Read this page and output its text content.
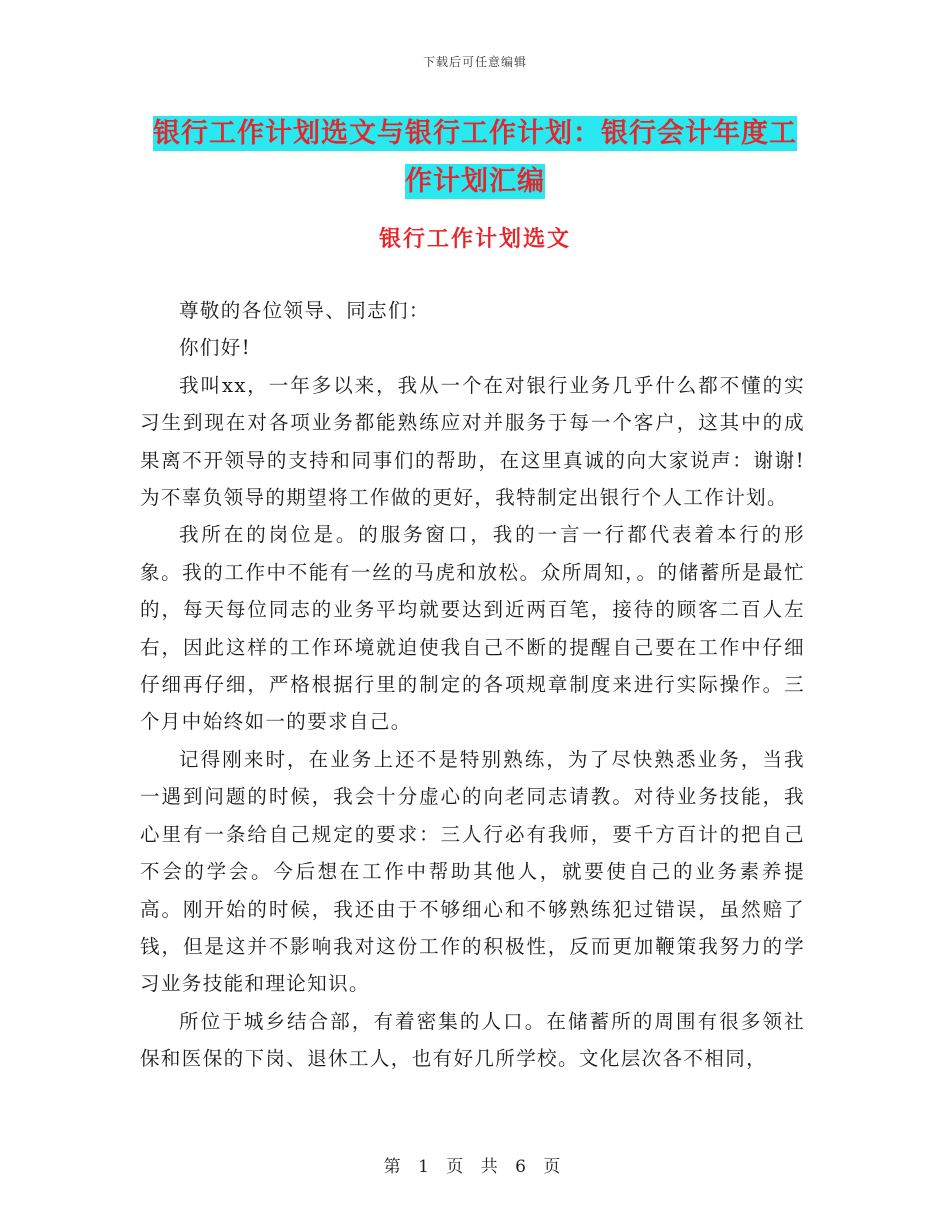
下载后可任意编辑
银行工作计划选文与银行工作计划：银行会计年度工
作计划汇编
银行工作计划选文

尊敬的各位领导、同志们：

你们好!

我叫xx，一年多以来，我从一个在对银行业务几乎什么都不懂的实习生到现在对各项业务都能熟练应对并服务于每一个客户，这其中的成果离不开领导的支持和同事们的帮助，在这里真诚的向大家说声：谢谢!为不辜负领导的期望将工作做的更好，我特制定出银行个人工作计划。

我所在的岗位是。的服务窗口，我的一言一行都代表着本行的形象。我的工作中不能有一丝的马虎和放松。众所周知，。的储蓄所是最忙的，每天每位同志的业务平均就要达到近两百笔，接待的顾客二百人左右，因此这样的工作环境就迫使我自己不断的提醒自己要在工作中仔细仔细再仔细，严格根据行里的制定的各项规章制度来进行实际操作。三个月中始终如一的要求自己。

记得刚来时，在业务上还不是特别熟练，为了尽快熟悉业务，当我一遇到问题的时候，我会十分虚心的向老同志请教。对待业务技能，我心里有一条给自己规定的要求：三人行必有我师，要千方百计的把自己不会的学会。今后想在工作中帮助其他人，就要使自己的业务素养提高。刚开始的时候，我还由于不够细心和不够熟练犯过错误，虽然赔了钱，但是这并不影响我对这份工作的积极性，反而更加鞭策我努力的学习业务技能和理论知识。

所位于城乡结合部，有着密集的人口。在储蓄所的周围有很多领社保和医保的下岗、退休工人，也有好几所学校。文化层次各不相同，

第 1 页 共 6 页
